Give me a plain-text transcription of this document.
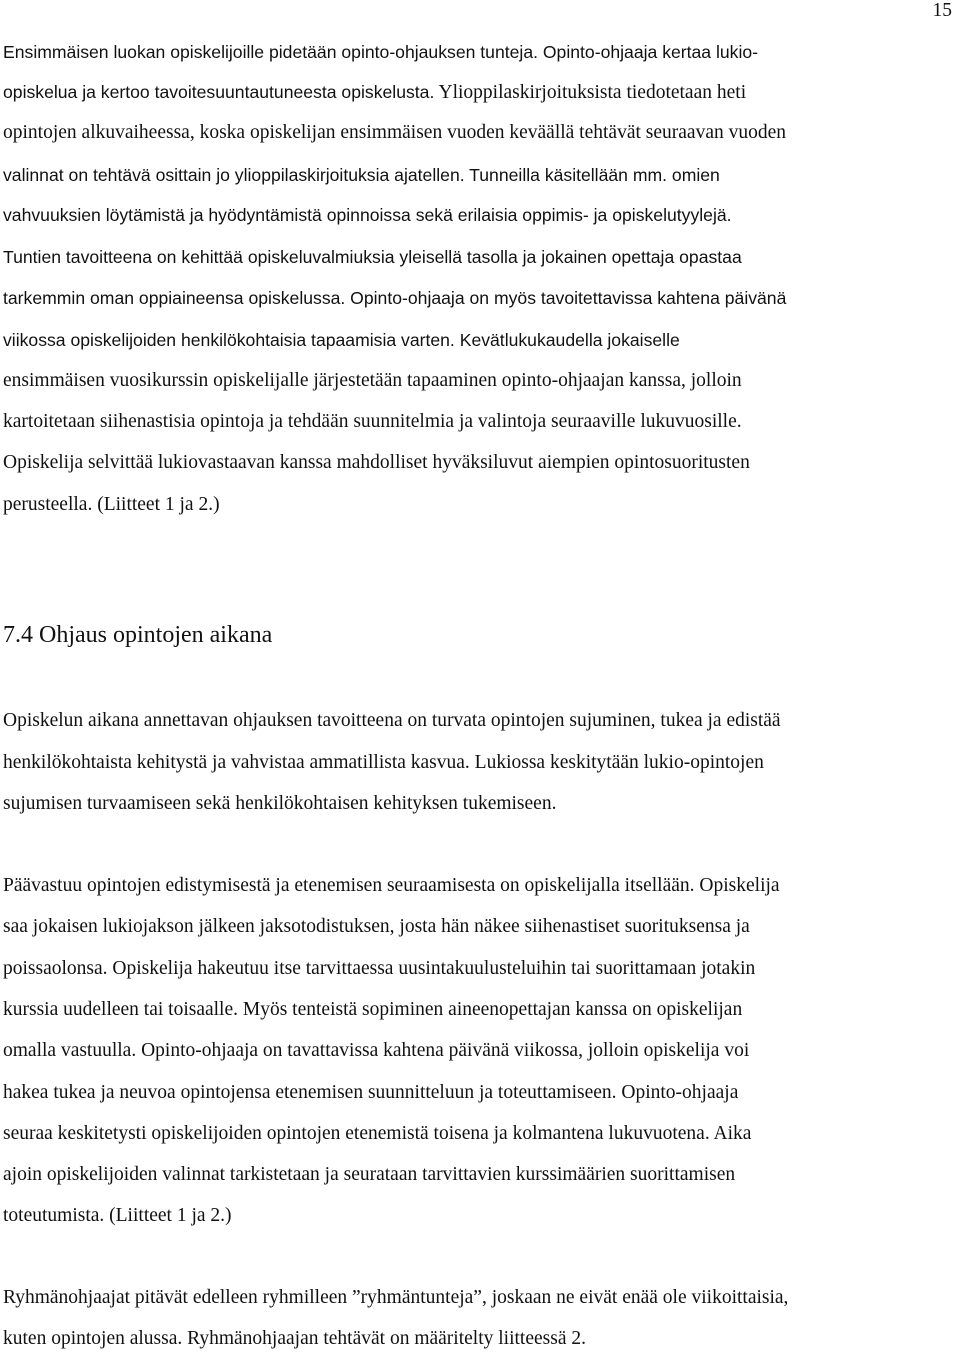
15
Ensimmäisen luokan opiskelijoille pidetään opinto-ohjauksen tunteja. Opinto-ohjaaja kertaa lukio-
opiskelua ja kertoo tavoitesuuntautuneesta opiskelusta. Ylioppilaskirjoituksista tiedotetaan heti
opintojen alkuvaiheessa, koska opiskelijan ensimmäisen vuoden keväällä tehtävät seuraavan vuoden
valinnat on tehtävä osittain jo ylioppilaskirjoituksia ajatellen. Tunneilla käsitellään mm. omien
vahvuuksien löytämistä ja hyödyntämistä opinnoissa sekä erilaisia oppimis- ja opiskelutyylejä.
Tuntien tavoitteena on kehittää opiskeluvalmiuksia yleisellä tasolla ja jokainen opettaja opastaa
tarkemmin oman oppiaineensa opiskelussa. Opinto-ohjaaja on myös tavoitettavissa kahtena päivänä
viikossa opiskelijoiden henkilökohtaisia tapaamisia varten. Kevätlukukaudella jokaiselle
ensimmäisen vuosikurssin opiskelijalle järjestetään tapaaminen opinto-ohjaajan kanssa, jolloin
kartoitetaan siihenastisia opintoja ja tehdään suunnitelmia ja valintoja seuraaville lukuvuosille.
Opiskelija selvittää lukiovastaavan kanssa mahdolliset hyväksiluvut aiempien opintosuoritusten
perusteella. (Liitteet 1 ja 2.)
7.4 Ohjaus opintojen aikana
Opiskelun aikana annettavan ohjauksen tavoitteena on turvata opintojen sujuminen, tukea ja edistää
henkilökohtaista kehitystä ja vahvistaa ammatillista kasvua. Lukiossa keskitytään lukio-opintojen
sujumisen turvaamiseen sekä henkilökohtaisen kehityksen tukemiseen.
Päävastuu opintojen edistymisestä ja etenemisen seuraamisesta on opiskelijalla itsellään. Opiskelija
saa jokaisen lukiojakson jälkeen jaksotodistuksen, josta hän näkee siihenastiset suorituksensa ja
poissaolonsa. Opiskelija hakeutuu itse tarvittaessa uusintakuulusteluihin tai suorittamaan jotakin
kurssia uudelleen tai toisaalle. Myös tenteistä sopiminen aineenopettajan kanssa on opiskelijan
omalla vastuulla. Opinto-ohjaaja on tavattavissa kahtena päivänä viikossa, jolloin opiskelija voi
hakea tukea ja neuvoa opintojensa etenemisen suunnitteluun ja toteuttamiseen. Opinto-ohjaaja
seuraa keskitetysti opiskelijoiden opintojen etenemistä toisena ja kolmantena lukuvuotena. Aika
ajoin opiskelijoiden valinnat tarkistetaan ja seurataan tarvittavien kurssimäärien suorittamisen
toteutumista. (Liitteet 1 ja 2.)
Ryhmänohjaajat pitävät edelleen ryhmilleen ”ryhmäntunteja”, joskaan ne eivät enää ole viikoittaisia,
kuten opintojen alussa. Ryhmänohjaajan tehtävät on määritelty liitteessä 2.
